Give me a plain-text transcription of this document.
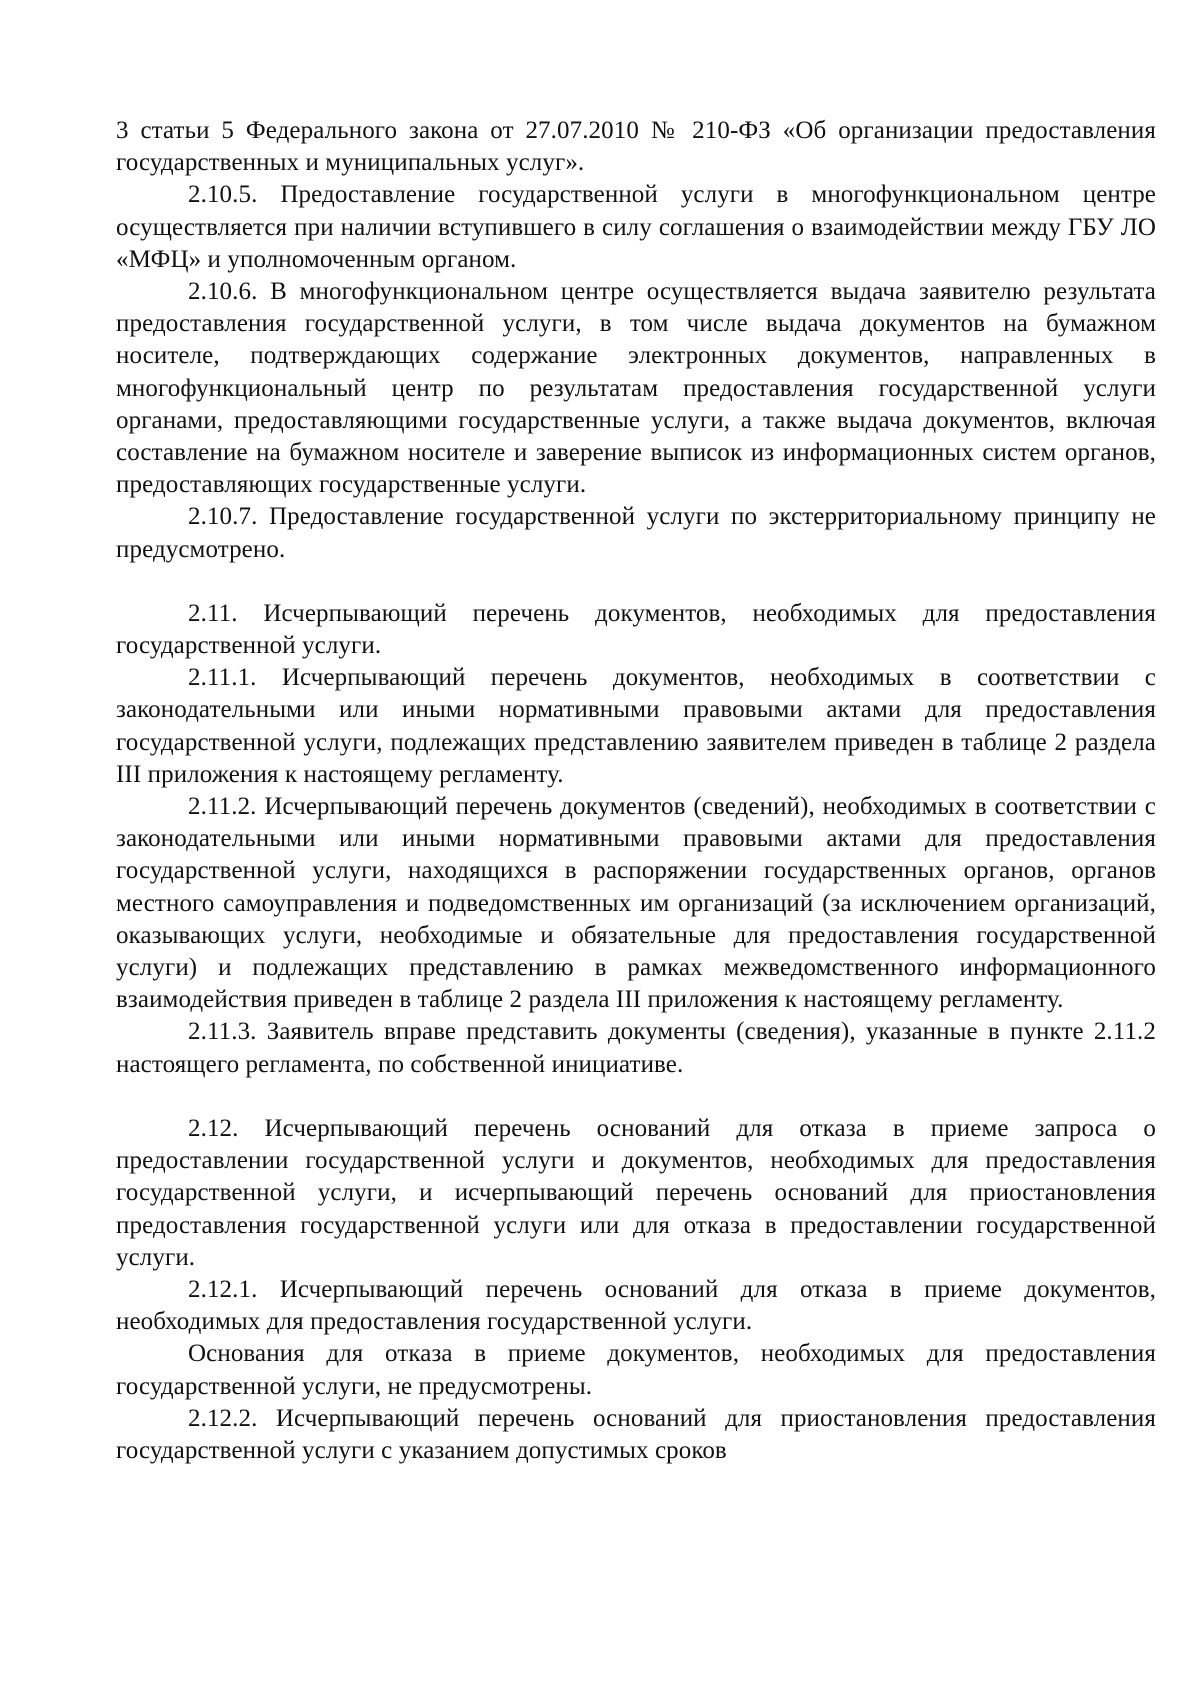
3 статьи 5 Федерального закона от 27.07.2010 № 210-ФЗ «Об организации предоставления государственных и муниципальных услуг».

2.10.5. Предоставление государственной услуги в многофункциональном центре осуществляется при наличии вступившего в силу соглашения о взаимодействии между ГБУ ЛО «МФЦ» и уполномоченным органом.

2.10.6. В многофункциональном центре осуществляется выдача заявителю результата предоставления государственной услуги, в том числе выдача документов на бумажном носителе, подтверждающих содержание электронных документов, направленных в многофункциональный центр по результатам предоставления государственной услуги органами, предоставляющими государственные услуги, а также выдача документов, включая составление на бумажном носителе и заверение выписок из информационных систем органов, предоставляющих государственные услуги.

2.10.7. Предоставление государственной услуги по экстерриториальному принципу не предусмотрено.

2.11. Исчерпывающий перечень документов, необходимых для предоставления государственной услуги.

2.11.1. Исчерпывающий перечень документов, необходимых в соответствии с законодательными или иными нормативными правовыми актами для предоставления государственной услуги, подлежащих представлению заявителем приведен в таблице 2 раздела III приложения к настоящему регламенту.

2.11.2. Исчерпывающий перечень документов (сведений), необходимых в соответствии с законодательными или иными нормативными правовыми актами для предоставления государственной услуги, находящихся в распоряжении государственных органов, органов местного самоуправления и подведомственных им организаций (за исключением организаций, оказывающих услуги, необходимые и обязательные для предоставления государственной услуги) и подлежащих представлению в рамках межведомственного информационного взаимодействия приведен в таблице 2 раздела III приложения к настоящему регламенту.

2.11.3. Заявитель вправе представить документы (сведения), указанные в пункте 2.11.2 настоящего регламента, по собственной инициативе.

2.12. Исчерпывающий перечень оснований для отказа в приеме запроса о предоставлении государственной услуги и документов, необходимых для предоставления государственной услуги, и исчерпывающий перечень оснований для приостановления предоставления государственной услуги или для отказа в предоставлении государственной услуги.

2.12.1. Исчерпывающий перечень оснований для отказа в приеме документов, необходимых для предоставления государственной услуги.

Основания для отказа в приеме документов, необходимых для предоставления государственной услуги, не предусмотрены.

2.12.2. Исчерпывающий перечень оснований для приостановления предоставления государственной услуги с указанием допустимых сроков
